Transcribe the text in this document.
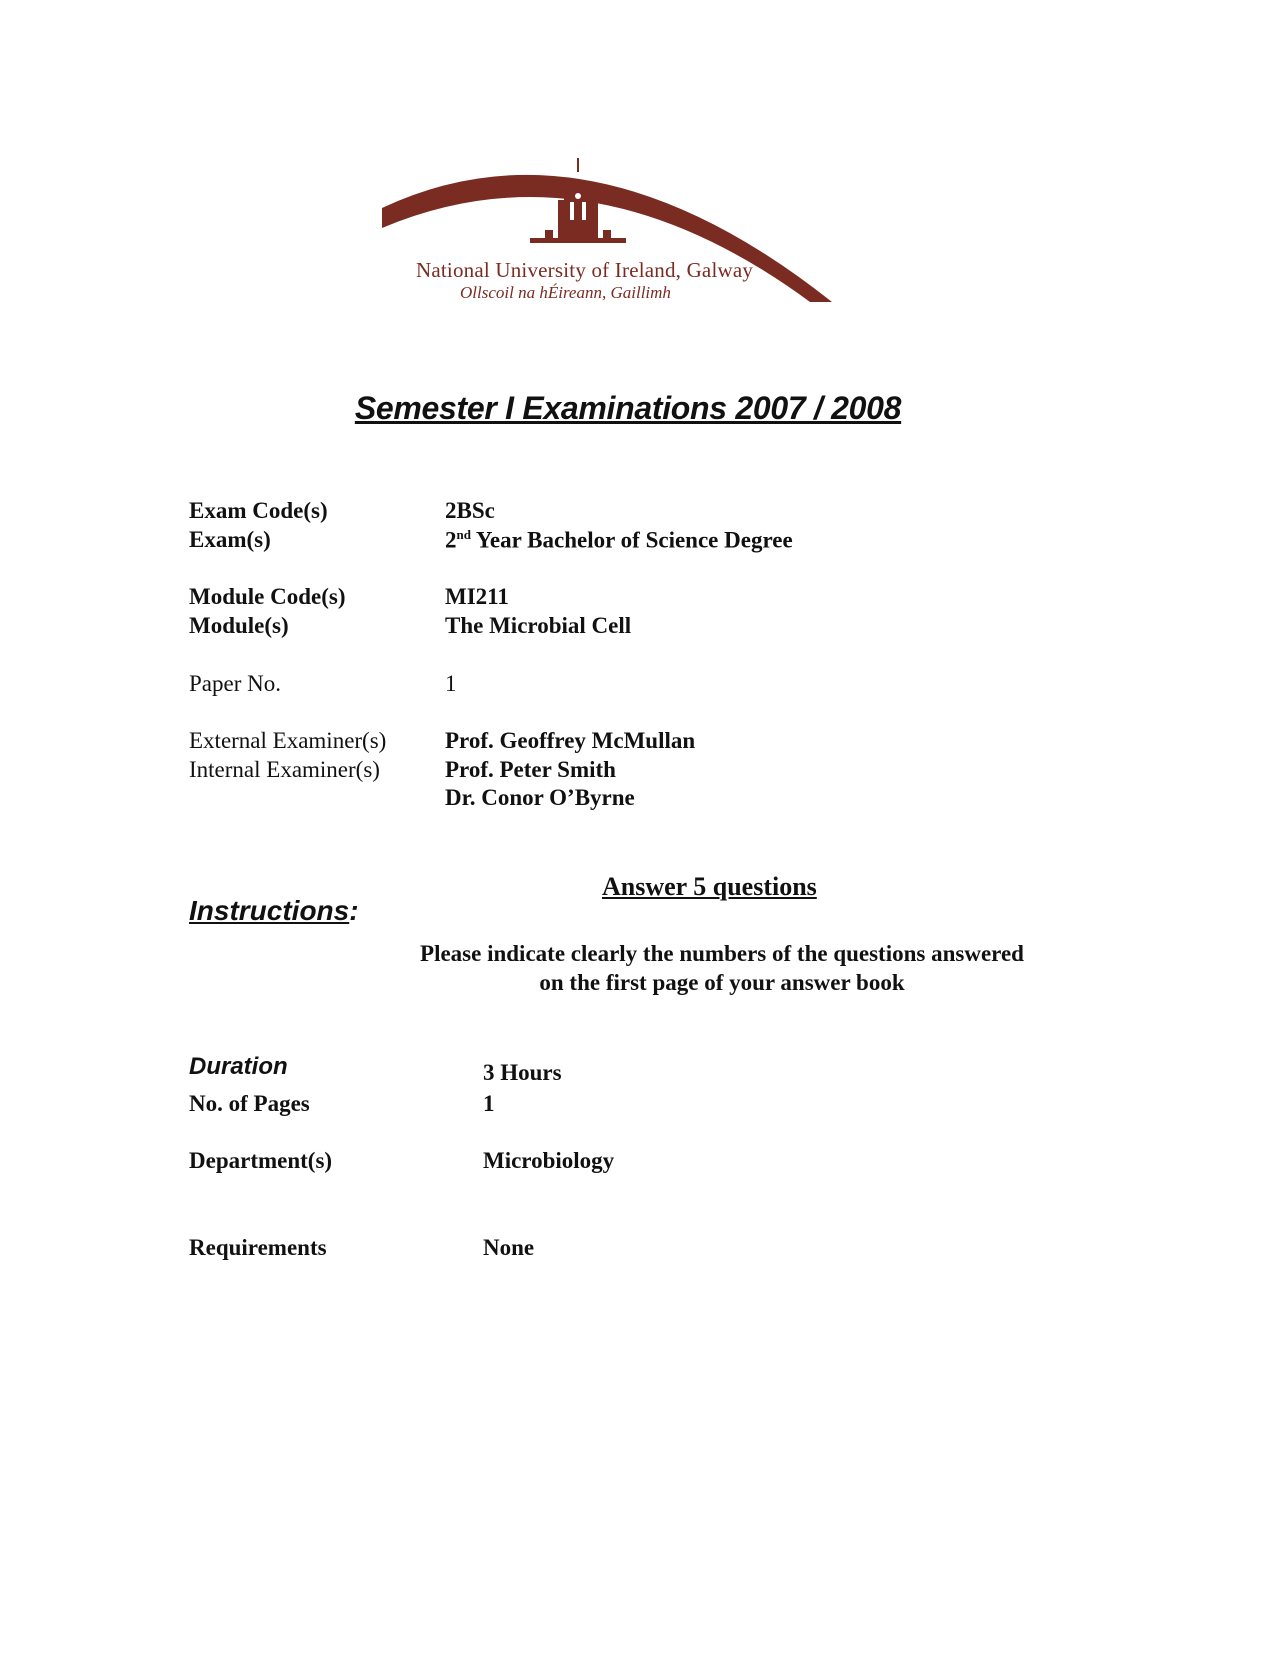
National University of Ireland, Galway
Ollscoil na hÉireann, Gaillimh
Semester I Examinations 2007 / 2008
Exam Code(s)	2BSc
Exam(s)	2nd Year Bachelor of Science Degree
Module Code(s)	MI211
Module(s)	The Microbial Cell
Paper No.	1
External Examiner(s)	Prof. Geoffrey McMullan
Internal Examiner(s)	Prof. Peter Smith
Dr. Conor O’Byrne
Answer 5 questions
Instructions:
Please indicate clearly the numbers of the questions answered
on the first page of your answer book
Duration	3 Hours
No. of Pages	1
Department(s)	Microbiology
Requirements	None
